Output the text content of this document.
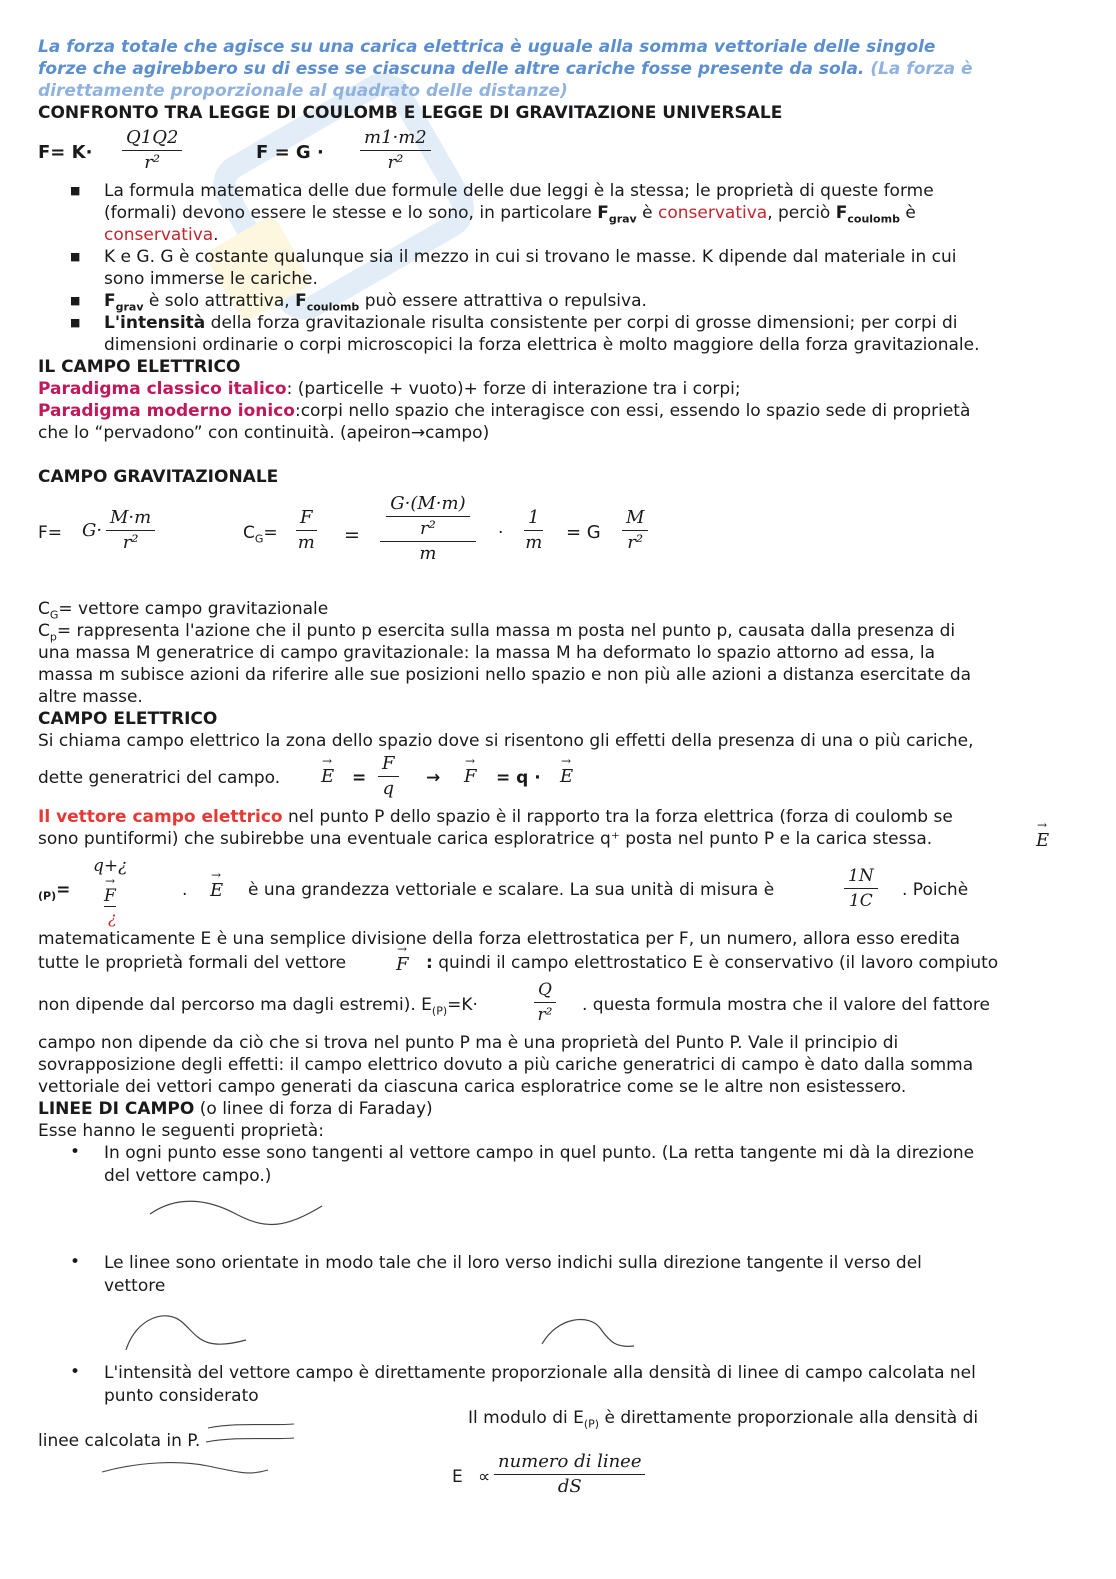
La forza totale che agisce su una carica elettrica è uguale alla somma vettoriale delle singole
forze che agirebbero su di esse se ciascuna delle altre cariche fosse presente da sola. (La forza è
direttamente proporzionale al quadrato delle distanze)
CONFRONTO TRA LEGGE DI COULOMB E LEGGE DI GRAVITAZIONE UNIVERSALE
$F= K\cdot \frac{Q1Q2}{\text{r²}}$	$F = G \cdot \frac{m1\cdot m2}{\text{r²}}$
■ La formula matematica delle due formule delle due leggi è la stessa; le proprietà di queste forme
(formali) devono essere le stesse e lo sono, in particolare $F_{grav}$ è conservativa, perciò $F_{coulomb}$ è
conservativa.
■ K e G. G è costante qualunque sia il mezzo in cui si trovano le masse. K dipende dal materiale in cui
sono immerse le cariche.
■ $F_{grav}$ è solo attrattiva, $F_{coulomb}$ può essere attrattiva o repulsiva.
■ L'intensità della forza gravitazionale risulta consistente per corpi di grosse dimensioni; per corpi di
dimensioni ordinarie o corpi microscopici la forza elettrica è molto maggiore della forza gravitazionale.
IL CAMPO ELETTRICO
Paradigma classico italico: (particelle + vuoto)+ forze di interazione tra i corpi;
Paradigma moderno ionico:corpi nello spazio che interagisce con essi, essendo lo spazio sede di proprietà
che lo “pervadono” con continuità. (apeiron→campo)
CAMPO GRAVITAZIONALE
$F= G\cdot \frac{M\cdot m}{\text{r²}}$	$C_G= \frac{F}{m}$ =
G·(M·m)
r²
m
· $\frac{1}{m} = G \frac{M}{\text{r²}}$
$C_G=$ vettore campo gravitazionale
$C_p=$ rappresenta l'azione che il punto p esercita sulla massa m posta nel punto p, causata dalla presenza di
una massa M generatrice di campo gravitazionale: la massa M ha deformato lo spazio attorno ad essa, la
massa m subisce azioni da riferire alle sue posizioni nello spazio e non più alle azioni a distanza esercitate da
altre masse.
CAMPO ELETTRICO
Si chiama campo elettrico la zona dello spazio dove si risentono gli effetti della presenza di una o più cariche,
dette generatrici del campo. → $E = \frac{F}{q}$ → → F = q · → E
Il vettore campo elettrico nel punto P dello spazio è il rapporto tra la forza elettrica (forza di coulomb se
sono puntiformi) che subirebbe una eventuale carica esploratrice q⁺ posta nel punto P e la carica stessa.	→ E
$_{(P)}$=
q+¿
→ F
¿
. → E è una grandezza vettoriale e scalare. La sua unità di misura è	$\frac{1N}{1C}$ . Poichè
matematicamente E è una semplice divisione della forza elettrostatica per F, un numero, allora esso eredita
tutte le proprietà formali del vettore	→ F : quindi il campo elettrostatico E è conservativo (il lavoro compiuto
non dipende dal percorso ma dagli estremi). $E_{(P)}=K\cdot$	$\frac{Q}{\text{r²}}$ . questa formula mostra che il valore del fattore
campo non dipende da ciò che si trova nel punto P ma è una proprietà del Punto P. Vale il principio di
sovrapposizione degli effetti: il campo elettrico dovuto a più cariche generatrici di campo è dato dalla somma
vettoriale dei vettori campo generati da ciascuna carica esploratrice come se le altre non esistessero.
LINEE DI CAMPO (o linee di forza di Faraday)
Esse hanno le seguenti proprietà:
• In ogni punto esse sono tangenti al vettore campo in quel punto. (La retta tangente mi dà la direzione
del vettore campo.)
• Le linee sono orientate in modo tale che il loro verso indichi sulla direzione tangente il verso del
vettore
• L'intensità del vettore campo è direttamente proporzionale alla densità di linee di campo calcolata nel
punto considerato
Il modulo di $E_{(P)}$ è direttamente proporzionale alla densità di
linee calcolata in P.
E ∝
numero di linee
dS
